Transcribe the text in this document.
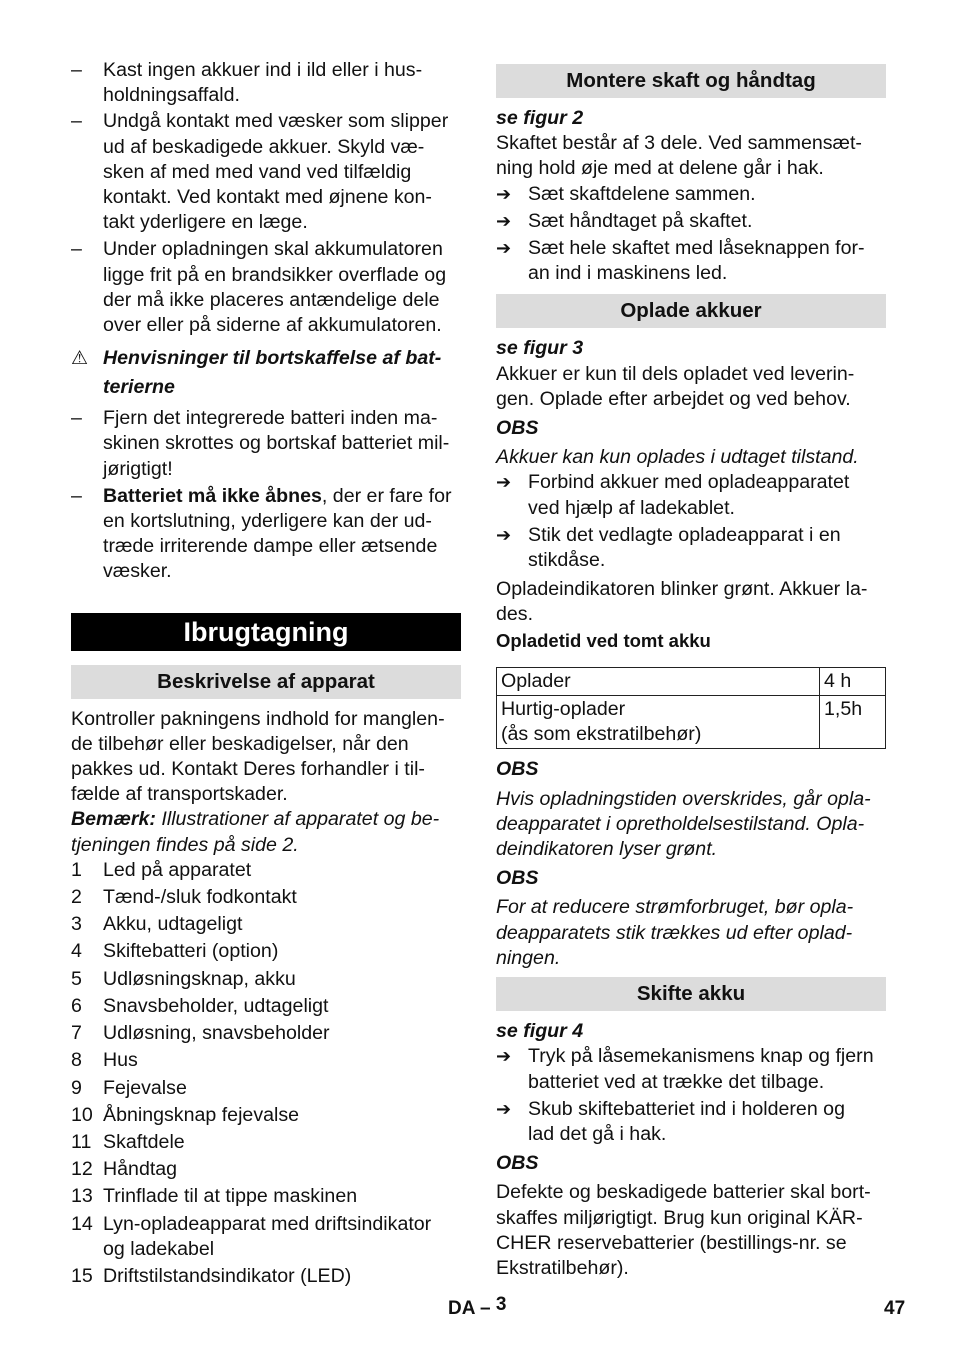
– Kast ingen akkuer ind i ild eller i hus-
holdningsaffald.
– Undgå kontakt med væsker som slipper
ud af beskadigede akkuer. Skyld væ-
sken af med med vand ved tilfældig
kontakt. Ved kontakt med øjnene kon-
takt yderligere en læge.
– Under opladningen skal akkumulatoren
ligge frit på en brandsikker overflade og
der må ikke placeres antændelige dele
over eller på siderne af akkumulatoren.
⚠ Henvisninger til bortskaffelse af bat-
terierne
– Fjern det integrerede batteri inden ma-
skinen skrottes og bortskaf batteriet mil-
jørigtigt!
– Batteriet må ikke åbnes, der er fare for
en kortslutning, yderligere kan der ud-
træde irriterende dampe eller ætsende
væsker.
Ibrugtagning
Beskrivelse af apparat
Kontroller pakningens indhold for manglen-
de tilbehør eller beskadigelser, når den
pakkes ud. Kontakt Deres forhandler i til-
fælde af transportskader.
Bemærk: Illustrationer af apparatet og be-
tjeningen findes på side 2.
1 Led på apparatet
2 Tænd-/sluk fodkontakt
3 Akku, udtageligt
4 Skiftebatteri (option)
5 Udløsningsknap, akku
6 Snavsbeholder, udtageligt
7 Udløsning, snavsbeholder
8 Hus
9 Fejevalse
10 Åbningsknap fejevalse
11 Skaftdele
12 Håndtag
13 Trinflade til at tippe maskinen
14 Lyn-opladeapparat med driftsindikator
og ladekabel
15 Driftstilstandsindikator (LED)
Montere skaft og håndtag
se figur 2
Skaftet består af 3 dele. Ved sammensæt-
ning hold øje med at delene går i hak.
➔ Sæt skaftdelene sammen.
➔ Sæt håndtaget på skaftet.
➔ Sæt hele skaftet med låseknappen for-
an ind i maskinens led.
Oplade akkuer
se figur 3
Akkuer er kun til dels opladet ved leverin-
gen. Oplade efter arbejdet og ved behov.
OBS
Akkuer kan kun oplades i udtaget tilstand.
➔ Forbind akkuer med opladeapparatet
ved hjælp af ladekablet.
➔ Stik det vedlagte opladeapparat i en
stikdåse.
Opladeindikatoren blinker grønt. Akkuer la-
des.
Opladetid ved tomt akku
Oplader	4 h
Hurtig-oplader
(ås som ekstratilbehør)	1,5h
OBS
Hvis opladningstiden overskrides, går opla-
deapparatet i opretholdelsestilstand. Opla-
deindikatoren lyser grønt.
OBS
For at reducere strømforbruget, bør opla-
deapparatets stik trækkes ud efter oplad-
ningen.
Skifte akku
se figur 4
➔ Tryk på låsemekanismens knap og fjern
batteriet ved at trække det tilbage.
➔ Skub skiftebatteriet ind i holderen og
lad det gå i hak.
OBS
Defekte og beskadigede batterier skal bort-
skaffes miljørigtigt. Brug kun original KÄR-
CHER reservebatterier (bestillings-nr. se
Ekstratilbehør).
DA – 3	47
